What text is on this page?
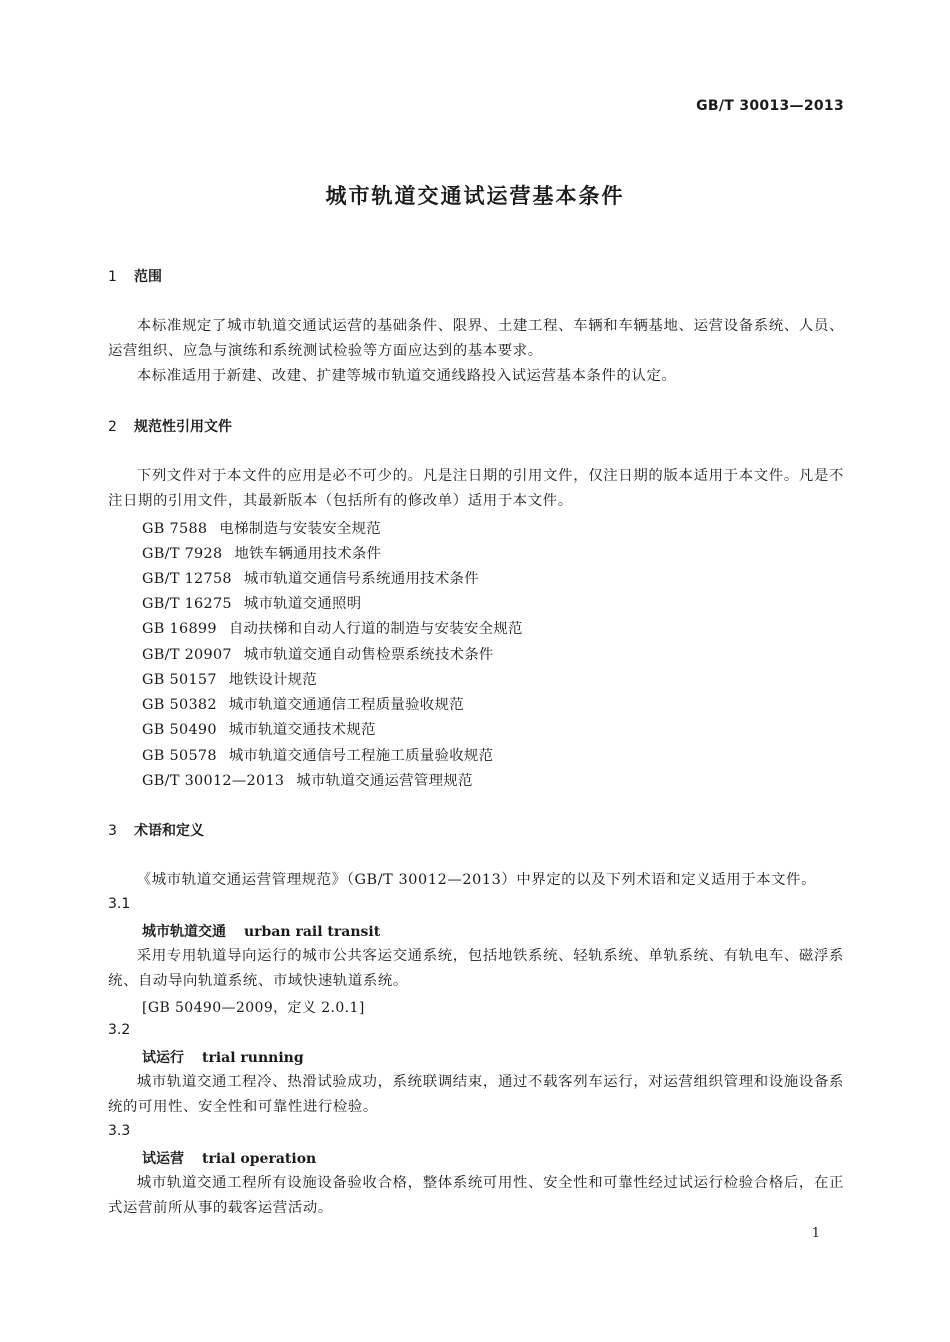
GB/T 30013—2013
城市轨道交通试运营基本条件
1 范围

本标准规定了城市轨道交通试运营的基础条件、限界、土建工程、车辆和车辆基地、运营设备系统、人员、运营组织、应急与演练和系统测试检验等方面应达到的基本要求。

本标准适用于新建、改建、扩建等城市轨道交通线路投入试运营基本条件的认定。

2 规范性引用文件

下列文件对于本文件的应用是必不可少的。凡是注日期的引用文件，仅注日期的版本适用于本文件。凡是不注日期的引用文件，其最新版本（包括所有的修改单）适用于本文件。

GB 7588 电梯制造与安装安全规范
GB/T 7928 地铁车辆通用技术条件
GB/T 12758 城市轨道交通信号系统通用技术条件
GB/T 16275 城市轨道交通照明
GB 16899 自动扶梯和自动人行道的制造与安装安全规范
GB/T 20907 城市轨道交通自动售检票系统技术条件
GB 50157 地铁设计规范
GB 50382 城市轨道交通通信工程质量验收规范
GB 50490 城市轨道交通技术规范
GB 50578 城市轨道交通信号工程施工质量验收规范
GB/T 30012—2013 城市轨道交通运营管理规范
3 术语和定义

《城市轨道交通运营管理规范》（GB/T 30012—2013）中界定的以及下列术语和定义适用于本文件。

3.1
城市轨道交通 urban rail transit

采用专用轨道导向运行的城市公共客运交通系统，包括地铁系统、轻轨系统、单轨系统、有轨电车、磁浮系统、自动导向轨道系统、市域快速轨道系统。

[GB 50490—2009，定义 2.0.1]
3.2
试运行 trial running

城市轨道交通工程冷、热滑试验成功，系统联调结束，通过不载客列车运行，对运营组织管理和设施设备系统的可用性、安全性和可靠性进行检验。

3.3
试运营 trial operation

城市轨道交通工程所有设施设备验收合格，整体系统可用性、安全性和可靠性经过试运行检验合格后，在正式运营前所从事的载客运营活动。

1
